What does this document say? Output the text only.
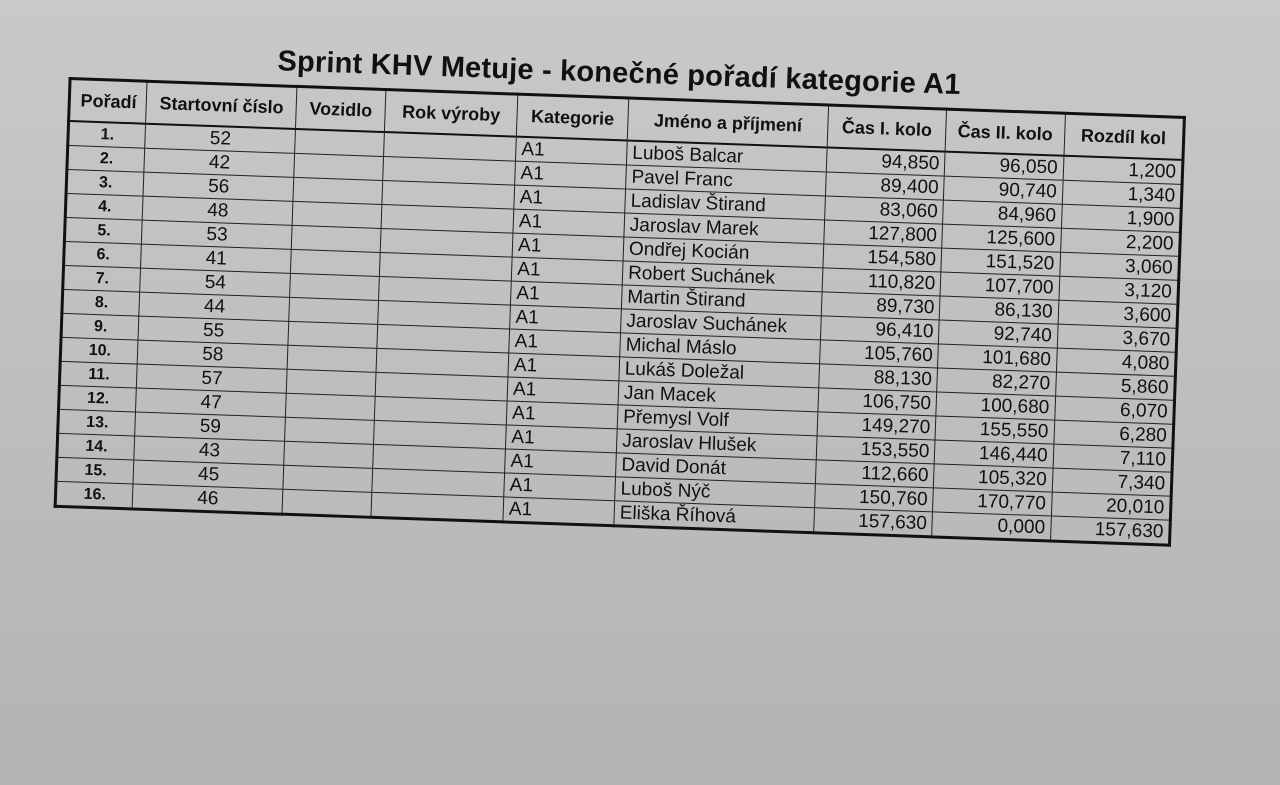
Sprint KHV Metuje - konečné pořadí kategorie A1
Pořadí	Startovní číslo	Vozidlo	Rok výroby	Kategorie	Jméno a příjmení	Čas I. kolo	Čas II. kolo	Rozdíl kol
1.	52			A1	Luboš Balcar	94,850	96,050	1,200
2.	42			A1	Pavel Franc	89,400	90,740	1,340
3.	56			A1	Ladislav Štirand	83,060	84,960	1,900
4.	48			A1	Jaroslav Marek	127,800	125,600	2,200
5.	53			A1	Ondřej Kocián	154,580	151,520	3,060
6.	41			A1	Robert Suchánek	110,820	107,700	3,120
7.	54			A1	Martin Štirand	89,730	86,130	3,600
8.	44			A1	Jaroslav Suchánek	96,410	92,740	3,670
9.	55			A1	Michal Máslo	105,760	101,680	4,080
10.	58			A1	Lukáš Doležal	88,130	82,270	5,860
11.	57			A1	Jan Macek	106,750	100,680	6,070
12.	47			A1	Přemysl Volf	149,270	155,550	6,280
13.	59			A1	Jaroslav Hlušek	153,550	146,440	7,110
14.	43			A1	David Donát	112,660	105,320	7,340
15.	45			A1	Luboš Nýč	150,760	170,770	20,010
16.	46			A1	Eliška Říhová	157,630	0,000	157,630
